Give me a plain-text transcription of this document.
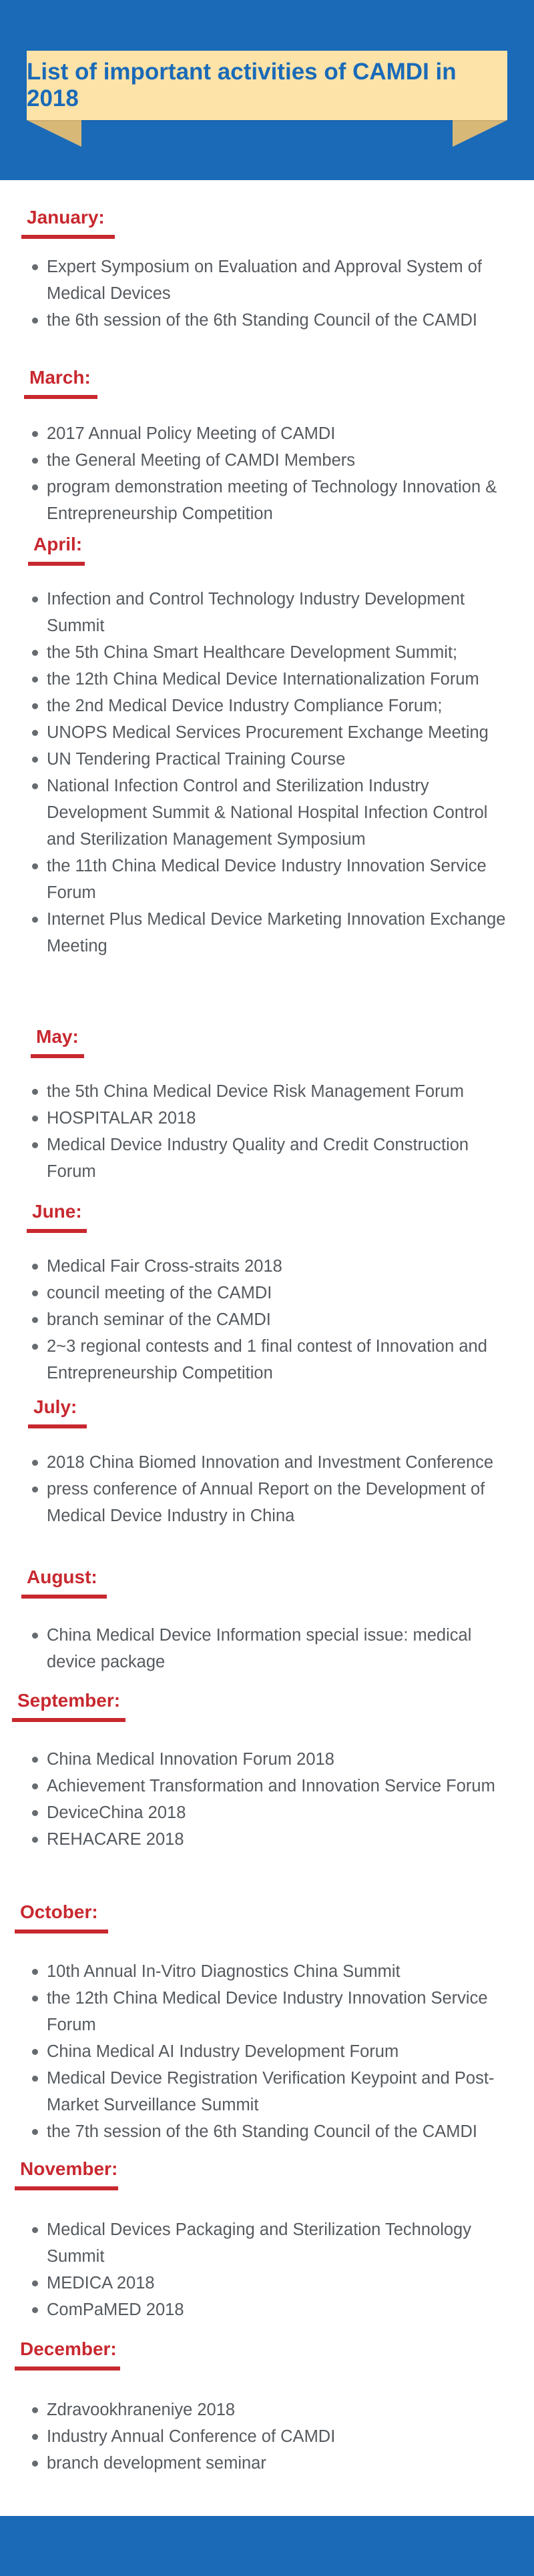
List of important activities of CAMDI in 2018
January:
Expert Symposium on Evaluation and Approval System of Medical Devices
the 6th session of the 6th Standing Council of the CAMDI
March:
2017 Annual Policy Meeting of CAMDI
the General Meeting of CAMDI Members
program demonstration meeting of Technology Innovation & Entrepreneurship Competition
April:
Infection and Control Technology Industry Development Summit
the 5th China Smart Healthcare Development Summit;
the 12th China Medical Device Internationalization Forum
the 2nd Medical Device Industry Compliance Forum;
UNOPS Medical Services Procurement Exchange Meeting
UN Tendering Practical Training Course
National Infection Control and Sterilization Industry Development Summit & National Hospital Infection Control and Sterilization Management Symposium
the 11th China Medical Device Industry Innovation Service Forum
Internet Plus Medical Device Marketing Innovation Exchange Meeting
May:
the 5th China Medical Device Risk Management Forum
HOSPITALAR 2018
Medical Device Industry Quality and Credit Construction Forum
June:
Medical Fair Cross-straits 2018
council meeting of the CAMDI
branch seminar of the CAMDI
2~3 regional contests and 1 final contest of Innovation and Entrepreneurship Competition
July:
2018 China Biomed Innovation and Investment Conference
press conference of Annual Report on the Development of Medical Device Industry in China
August:
China Medical Device Information special issue: medical device package
September:
China Medical Innovation Forum 2018
Achievement Transformation and Innovation Service Forum
DeviceChina 2018
REHACARE 2018
October:
10th Annual In-Vitro Diagnostics China Summit
the 12th China Medical Device Industry Innovation Service Forum
China Medical AI Industry Development Forum
Medical Device Registration Verification Keypoint and Post-Market Surveillance Summit
the 7th session of the 6th Standing Council of the CAMDI
November:
Medical Devices Packaging and Sterilization Technology Summit
MEDICA 2018
ComPaMED 2018
December:
Zdravookhraneniye 2018
Industry Annual Conference of CAMDI
branch development seminar
